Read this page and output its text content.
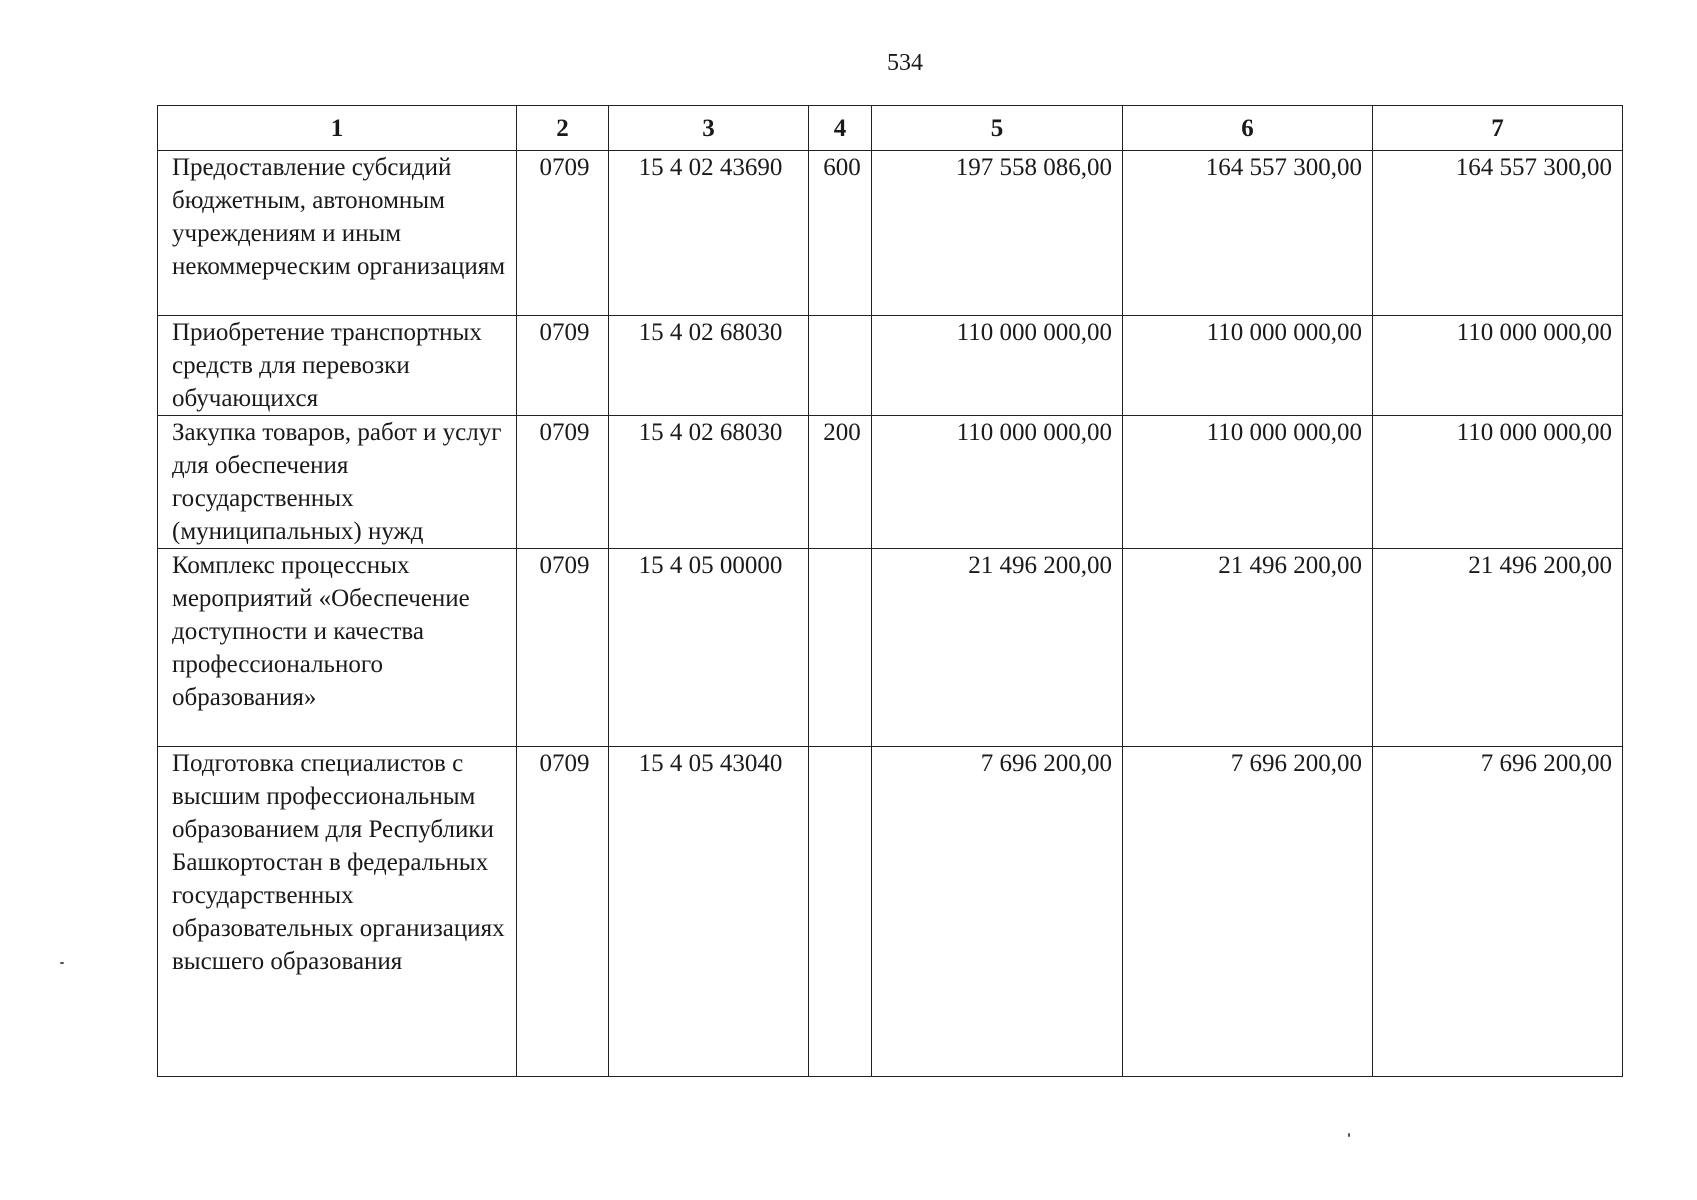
534
1	2	3	4	5	6	7
Предоставление субсидий бюджетным, автономным учреждениям и иным некоммерческим организациям	0709	15 4 02 43690	600	197 558 086,00	164 557 300,00	164 557 300,00
Приобретение транспортных средств для перевозки обучающихся	0709	15 4 02 68030		110 000 000,00	110 000 000,00	110 000 000,00
Закупка товаров, работ и услуг для обеспечения государственных (муниципальных) нужд	0709	15 4 02 68030	200	110 000 000,00	110 000 000,00	110 000 000,00
Комплекс процессных мероприятий «Обеспечение доступности и качества профессионального образования»	0709	15 4 05 00000		21 496 200,00	21 496 200,00	21 496 200,00
Подготовка специалистов с высшим профессиональным образованием для Республики Башкортостан в федеральных государственных образовательных организациях высшего образования	0709	15 4 05 43040		7 696 200,00	7 696 200,00	7 696 200,00
